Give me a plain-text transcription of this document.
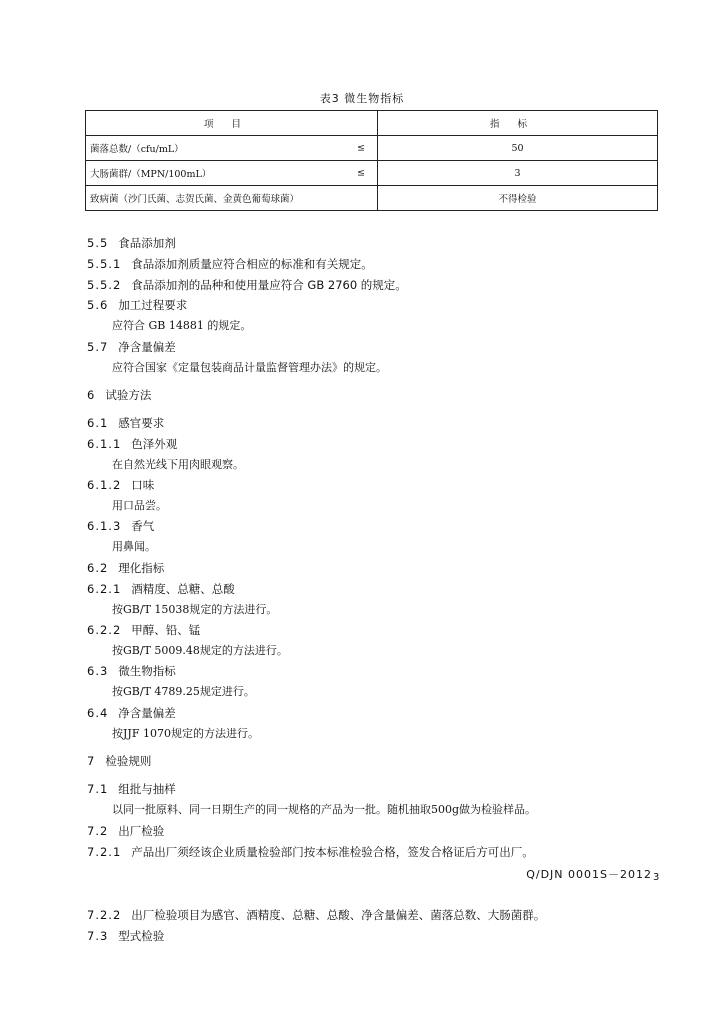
表3 微生物指标
项目	指标
菌落总数/（cfu/mL） ≤	50
大肠菌群/（MPN/100mL） ≤	3
致病菌（沙门氏菌、志贺氏菌、金黄色葡萄球菌）	不得检验
5.5 食品添加剂
5.5.1 食品添加剂质量应符合相应的标准和有关规定。
5.5.2 食品添加剂的品种和使用量应符合 GB 2760 的规定。
5.6 加工过程要求
应符合 GB 14881 的规定。
5.7 净含量偏差
应符合国家《定量包装商品计量监督管理办法》的规定。
6 试验方法
6.1 感官要求
6.1.1 色泽外观
在自然光线下用肉眼观察。
6.1.2 口味
用口品尝。
6.1.3 香气
用鼻闻。
6.2 理化指标
6.2.1 酒精度、总糖、总酸
按GB/T 15038规定的方法进行。
6.2.2 甲醇、铅、锰
按GB/T 5009.48规定的方法进行。
6.3 微生物指标
按GB/T 4789.25规定进行。
6.4 净含量偏差
按JJF 1070规定的方法进行。
7 检验规则
7.1 组批与抽样
以同一批原料、同一日期生产的同一规格的产品为一批。随机抽取500g做为检验样品。
7.2 出厂检验
7.2.1 产品出厂须经该企业质量检验部门按本标准检验合格，签发合格证后方可出厂。
Q/DJN 0001S－2012 3
7.2.2 出厂检验项目为感官、酒精度、总糖、总酸、净含量偏差、菌落总数、大肠菌群。
7.3 型式检验
